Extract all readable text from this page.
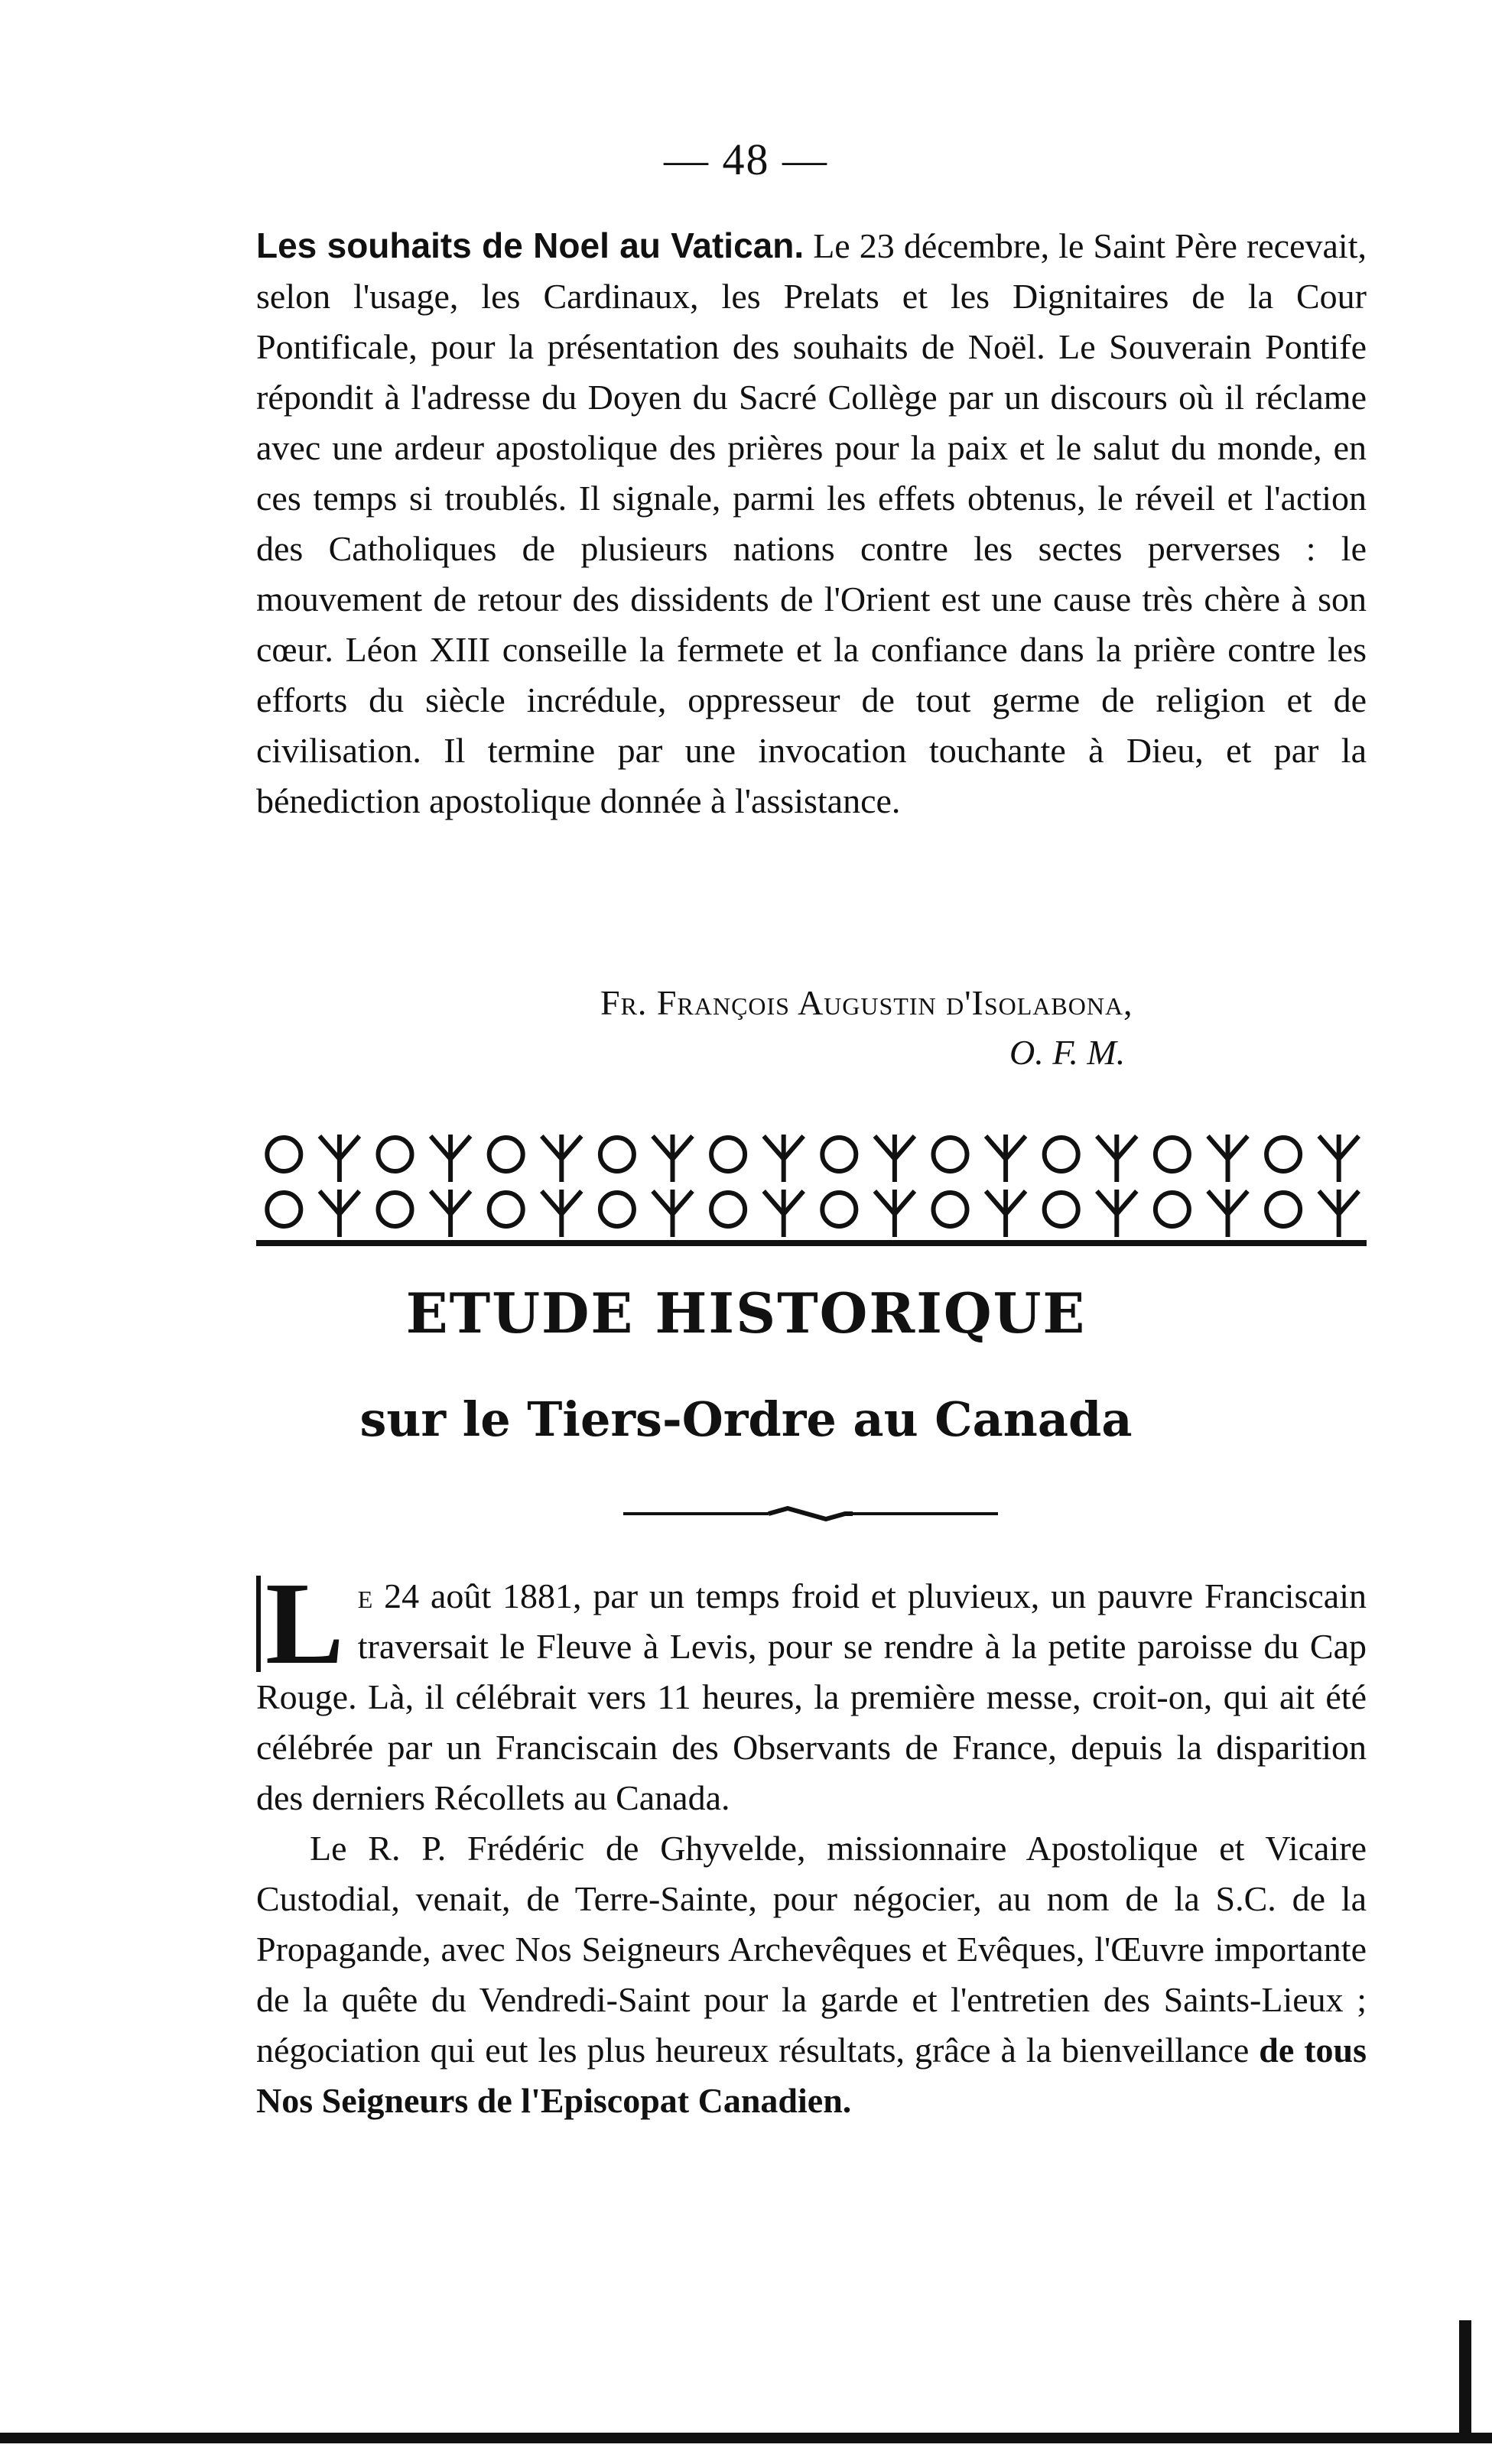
— 48 —

Les souhaits de Noel au Vatican. Le 23 décembre, le Saint Père recevait, selon l'usage, les Cardinaux, les Prelats et les Dignitaires de la Cour Pontificale, pour la présentation des souhaits de Noël. Le Souverain Pontife répondit à l'adresse du Doyen du Sacré Collège par un discours où il réclame avec une ardeur apostolique des prières pour la paix et le salut du monde, en ces temps si troublés. Il signale, parmi les effets obtenus, le réveil et l'action des Catholiques de plusieurs nations contre les sectes perverses : le mouvement de retour des dissidents de l'Orient est une cause très chère à son cœur. Léon XIII conseille la fermete et la confiance dans la prière contre les efforts du siècle incrédule, oppresseur de tout germe de religion et de civilisation. Il termine par une invocation touchante à Dieu, et par la bénediction apostolique donnée à l'assistance.

Fr. François Augustin d'Isolabona,
O. F. M.
ETUDE HISTORIQUE
sur le Tiers-Ordre au Canada

L e 24 août 1881, par un temps froid et pluvieux, un pauvre Franciscain traversait le Fleuve à Levis, pour se rendre à la petite paroisse du Cap Rouge. Là, il célébrait vers 11 heures, la première messe, croit-on, qui ait été célébrée par un Franciscain des Observants de France, depuis la disparition des derniers Récollets au Canada.

Le R. P. Frédéric de Ghyvelde, missionnaire Apostolique et Vicaire Custodial, venait, de Terre-Sainte, pour négocier, au nom de la S.C. de la Propagande, avec Nos Seigneurs Archevêques et Evêques, l'Œuvre importante de la quête du Vendredi-Saint pour la garde et l'entretien des Saints-Lieux ; négociation qui eut les plus heureux résultats, grâce à la bienveillance de tous Nos Seigneurs de l'Episcopat Canadien.
